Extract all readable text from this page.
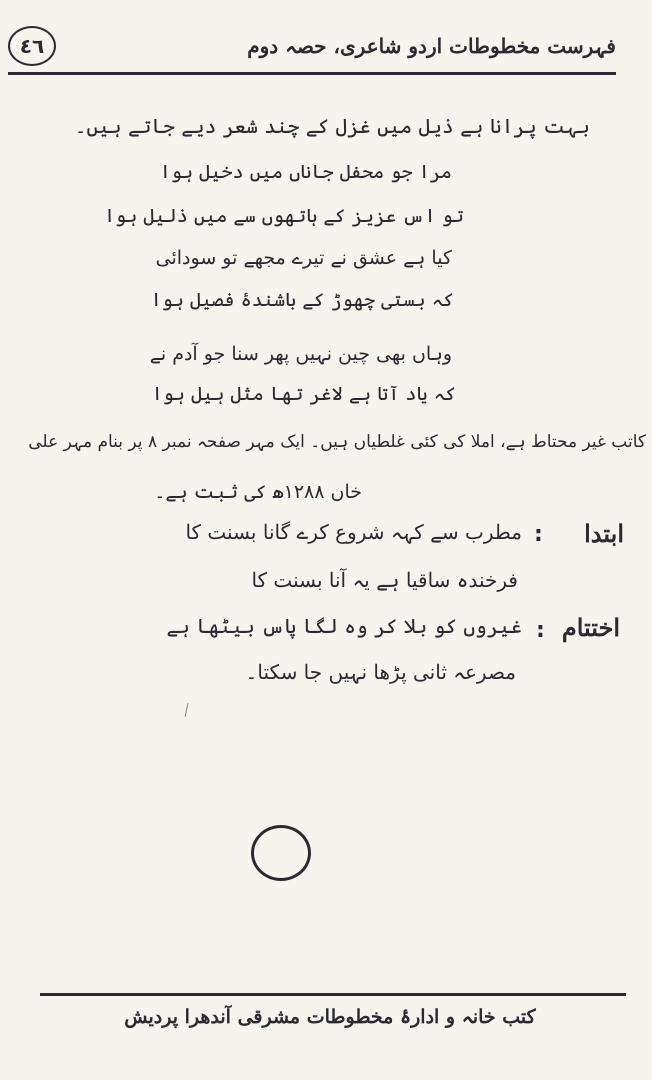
٤٦	فہرست مخطوطات اردو شاعری، حصہ دوم
بہت پرانا ہے ذیل میں غزل کے چند شعر دیے جاتے ہیں۔
مرا جو محفل جاناں میں دخیل ہوا
تو اس عزیز کے ہاتھوں سے میں ذلیل ہوا
کیا ہے عشق نے تیرے مجھے تو سودائی
کہ بستی چھوڑ کے باشندۂ فصیل ہوا
وہاں بھی چین نہیں پھر سنا جو آدم نے
کہ یاد آتا ہے لاغر تھا مثل ہیل ہوا
کاتب غیر محتاط ہے، املا کی کئی غلطیاں ہیں۔ ایک مہر صفحہ نمبر ۸ پر بنام مہر علی
خاں ۱۲۸۸ھ کی ثبت ہے۔
ابتدا
:
مطرب سے کہہ شروع کرے گانا بسنت کا
فرخندہ ساقیا ہے یہ آنا بسنت کا
اختتام
:
غیروں کو بلا کر وہ لگا پاس بیٹھا ہے
مصرعہ ثانی پڑھا نہیں جا سکتا۔
کتب خانہ و ادارۂ مخطوطات مشرقی آندھرا پردیش
